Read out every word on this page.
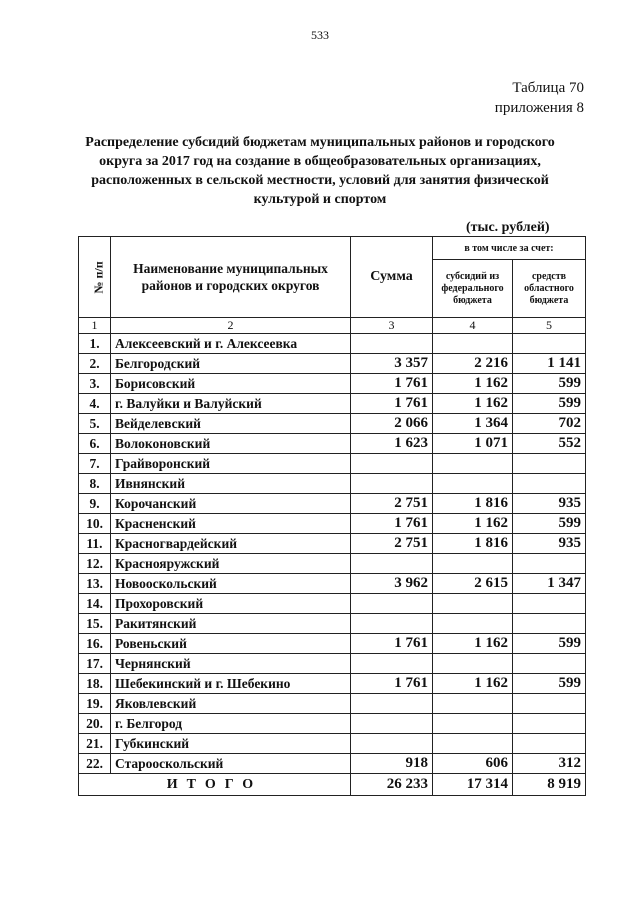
533
Таблица 70
приложения 8
Распределение субсидий бюджетам муниципальных районов и городского округа за 2017 год на создание в общеобразовательных организациях, расположенных в сельской местности, условий для занятия физической культурой и спортом
(тыс. рублей)
№ п/п	Наименование муниципальных районов и городских округов	Сумма	в том числе за счет:	
			субсидий из федерального бюджета	средств областного бюджета
1	2	3	4	5
1.	Алексеевский и г. Алексеевка			
2.	Белгородский	3 357	2 216	1 141
3.	Борисовский	1 761	1 162	599
4.	г. Валуйки и Валуйский	1 761	1 162	599
5.	Вейделевский	2 066	1 364	702
6.	Волоконовский	1 623	1 071	552
7.	Грайворонский			
8.	Ивнянский			
9.	Корочанский	2 751	1 816	935
10.	Красненский	1 761	1 162	599
11.	Красногвардейский	2 751	1 816	935
12.	Краснояружский			
13.	Новооскольский	3 962	2 615	1 347
14.	Прохоровский			
15.	Ракитянский			
16.	Ровеньский	1 761	1 162	599
17.	Чернянский			
18.	Шебекинский и г. Шебекино	1 761	1 162	599
19.	Яковлевский			
20.	г. Белгород			
21.	Губкинский			
22.	Старооскольский	918	606	312
ИТОГО		26 233	17 314	8 919
